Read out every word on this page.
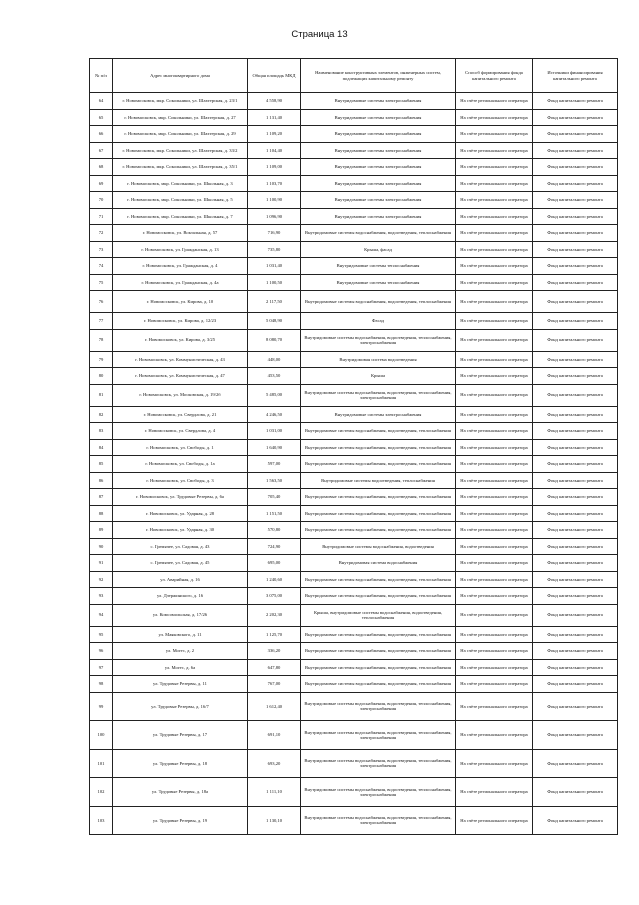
Страница 13
№ п/п	Адрес многоквартирного дома	Общая площадь МКД	Наименование конструктивных элементов, инженерных систем, подлежащих капитальному ремонту	Способ формирования фонда капитального ремонта	Источники финансирования капитального ремонта
64	г. Новомосковск, мкр. Сокольники, ул. Шахтерская, д. 23/1	4 558,90	Внутридомовые системы электроснабжения	На счёте регионального оператора	Фонд капитального ремонта
65	г. Новомосковск, мкр. Сокольники, ул. Шахтерская, д. 27	1 131,40	Внутридомовые системы электроснабжения	На счёте регионального оператора	Фонд капитального ремонта
66	г. Новомосковск, мкр. Сокольники, ул. Шахтерская, д. 29	1 109,20	Внутридомовые системы электроснабжения	На счёте регионального оператора	Фонд капитального ремонта
67	г. Новомосковск, мкр. Сокольники, ул. Шахтерская, д. 33/2	1 104,40	Внутридомовые системы электроснабжения	На счёте регионального оператора	Фонд капитального ремонта
68	г. Новомосковск, мкр. Сокольники, ул. Шахтерская, д. 35/1	1 109,00	Внутридомовые системы электроснабжения	На счёте регионального оператора	Фонд капитального ремонта
69	г. Новомосковск, мкр. Сокольники, ул. Школьная, д. 3	1 103,70	Внутридомовые системы электроснабжения	На счёте регионального оператора	Фонд капитального ремонта
70	г. Новомосковск, мкр. Сокольники, ул. Школьная, д. 5	1 100,90	Внутридомовые системы электроснабжения	На счёте регионального оператора	Фонд капитального ремонта
71	г. Новомосковск, мкр. Сокольники, ул. Школьная, д. 7	1 096,90	Внутридомовые системы электроснабжения	На счёте регионального оператора	Фонд капитального ремонта
72	г. Новомосковск, ул. Вокзальная, д. 57	716,90	Внутридомовые системы водоснабжения, водоотведения, теплоснабжения	На счёте регионального оператора	Фонд капитального ремонта
73	г. Новомосковск, ул. Гражданская, д. 13	735,80	Крыша, фасад	На счёте регионального оператора	Фонд капитального ремонта
74	г. Новомосковск, ул. Гражданская, д. 4	1 031,40	Внутридомовые системы теплоснабжения	На счёте регионального оператора	Фонд капитального ремонта
75	г. Новомосковск, ул. Гражданская, д. 4а	1 100,50	Внутридомовые системы теплоснабжения	На счёте регионального оператора	Фонд капитального ремонта
76	г. Новомосковск, ул. Кирова, д. 10	2 117,50	Внутридомовые системы водоснабжения, водоотведения, теплоснабжения	На счёте регионального оператора	Фонд капитального ремонта
77	г. Новомосковск, ул. Кирова, д. 12/23	5 048,90	Фасад	На счёте регионального оператора	Фонд капитального ремонта
78	г. Новомосковск, ул. Кирова, д. 3/25	8 080,70	Внутридомовые системы водоснабжения, водоотведения, теплоснабжения, электроснабжения	На счёте регионального оператора	Фонд капитального ремонта
79	г. Новомосковск, ул. Коммунистическая, д. 43	448,00	Внутридомовая система водоотведения	На счёте регионального оператора	Фонд капитального ремонта
80	г. Новомосковск, ул. Коммунистическая, д. 47	453,50	Крыша	На счёте регионального оператора	Фонд капитального ремонта
81	г. Новомосковск, ул. Московская, д. 19/2б	5 485,00	Внутридомовые системы водоснабжения, водоотведения, теплоснабжения, электроснабжения	На счёте регионального оператора	Фонд капитального ремонта
82	г. Новомосковск, ул. Свердлова, д. 21	4 246,50	Внутридомовые системы электроснабжения	На счёте регионального оператора	Фонд капитального ремонта
83	г. Новомосковск, ул. Свердлова, д. 4	1 031,00	Внутридомовые системы водоснабжения, водоотведения, теплоснабжения	На счёте регионального оператора	Фонд капитального ремонта
84	г. Новомосковск, ул. Свободы, д. 1	1 640,90	Внутридомовые системы водоснабжения, водоотведения, теплоснабжения	На счёте регионального оператора	Фонд капитального ремонта
85	г. Новомосковск, ул. Свободы, д. 1а	597,00	Внутридомовые системы водоснабжения, водоотведения, теплоснабжения	На счёте регионального оператора	Фонд капитального ремонта
86	г. Новомосковск, ул. Свободы, д. 3	1 563,50	Внутридомовые системы водоотведения, теплоснабжения	На счёте регионального оператора	Фонд капитального ремонта
87	г. Новомосковск, ул. Трудовые Резервы, д. 6а	705,40	Внутридомовые системы водоснабжения, водоотведения, теплоснабжения	На счёте регионального оператора	Фонд капитального ремонта
88	г. Новомосковск, ул. Ударная, д. 28	1 151,50	Внутридомовые системы водоснабжения, водоотведения, теплоснабжения	На счёте регионального оператора	Фонд капитального ремонта
89	г. Новомосковск, ул. Ударная, д. 30	570,80	Внутридомовые системы водоснабжения, водоотведения, теплоснабжения	На счёте регионального оператора	Фонд капитального ремонта
90	с. Гремячее, ул. Садовая, д. 43	724,90	Внутридомовые системы водоснабжения, водоотведения	На счёте регионального оператора	Фонд капитального ремонта
91	с. Гремячее, ул. Садовая, д. 45	695,00	Внутридомовая система водоснабжения	На счёте регионального оператора	Фонд капитального ремонта
92	ул. Аварийная, д. 16	1 240,60	Внутридомовые системы водоснабжения, водоотведения, теплоснабжения	На счёте регионального оператора	Фонд капитального ремонта
93	ул. Дзержинского, д. 16	3 075,00	Внутридомовые системы водоснабжения, водоотведения, теплоснабжения	На счёте регионального оператора	Фонд капитального ремонта
94	ул. Комсомольская, д. 17/26	2 202,30	Крыша, внутридомовые системы водоснабжения, водоотведения, теплоснабжения	На счёте регионального оператора	Фонд капитального ремонта
95	ул. Маяковского, д. 11	1 125,70	Внутридомовые системы водоснабжения, водоотведения, теплоснабжения	На счёте регионального оператора	Фонд капитального ремонта
96	ул. Могес, д. 2	336,20	Внутридомовые системы водоснабжения, водоотведения, теплоснабжения	На счёте регионального оператора	Фонд капитального ремонта
97	ул. Могес, д. 6а	647,80	Внутридомовые системы водоснабжения, водоотведения, теплоснабжения	На счёте регионального оператора	Фонд капитального ремонта
98	ул. Трудовые Резервы, д. 11	767,00	Внутридомовые системы водоснабжения, водоотведения, теплоснабжения	На счёте регионального оператора	Фонд капитального ремонта
99	ул. Трудовые Резервы, д. 16/7	1 612,40	Внутридомовые системы водоснабжения, водоотведения, теплоснабжения, электроснабжения	На счёте регионального оператора	Фонд капитального ремонта
100	ул. Трудовые Резервы, д. 17	691,10	Внутридомовые системы водоснабжения, водоотведения, теплоснабжения, электроснабжения	На счёте регионального оператора	Фонд капитального ремонта
101	ул. Трудовые Резервы, д. 18	693,20	Внутридомовые системы водоснабжения, водоотведения, теплоснабжения, электроснабжения	На счёте регионального оператора	Фонд капитального ремонта
102	ул. Трудовые Резервы, д. 18а	1 111,10	Внутридомовые системы водоснабжения, водоотведения, теплоснабжения, электроснабжения	На счёте регионального оператора	Фонд капитального ремонта
103	ул. Трудовые Резервы, д. 19	1 130,10	Внутридомовые системы водоснабжения, водоотведения, теплоснабжения, электроснабжения	На счёте регионального оператора	Фонд капитального ремонта
